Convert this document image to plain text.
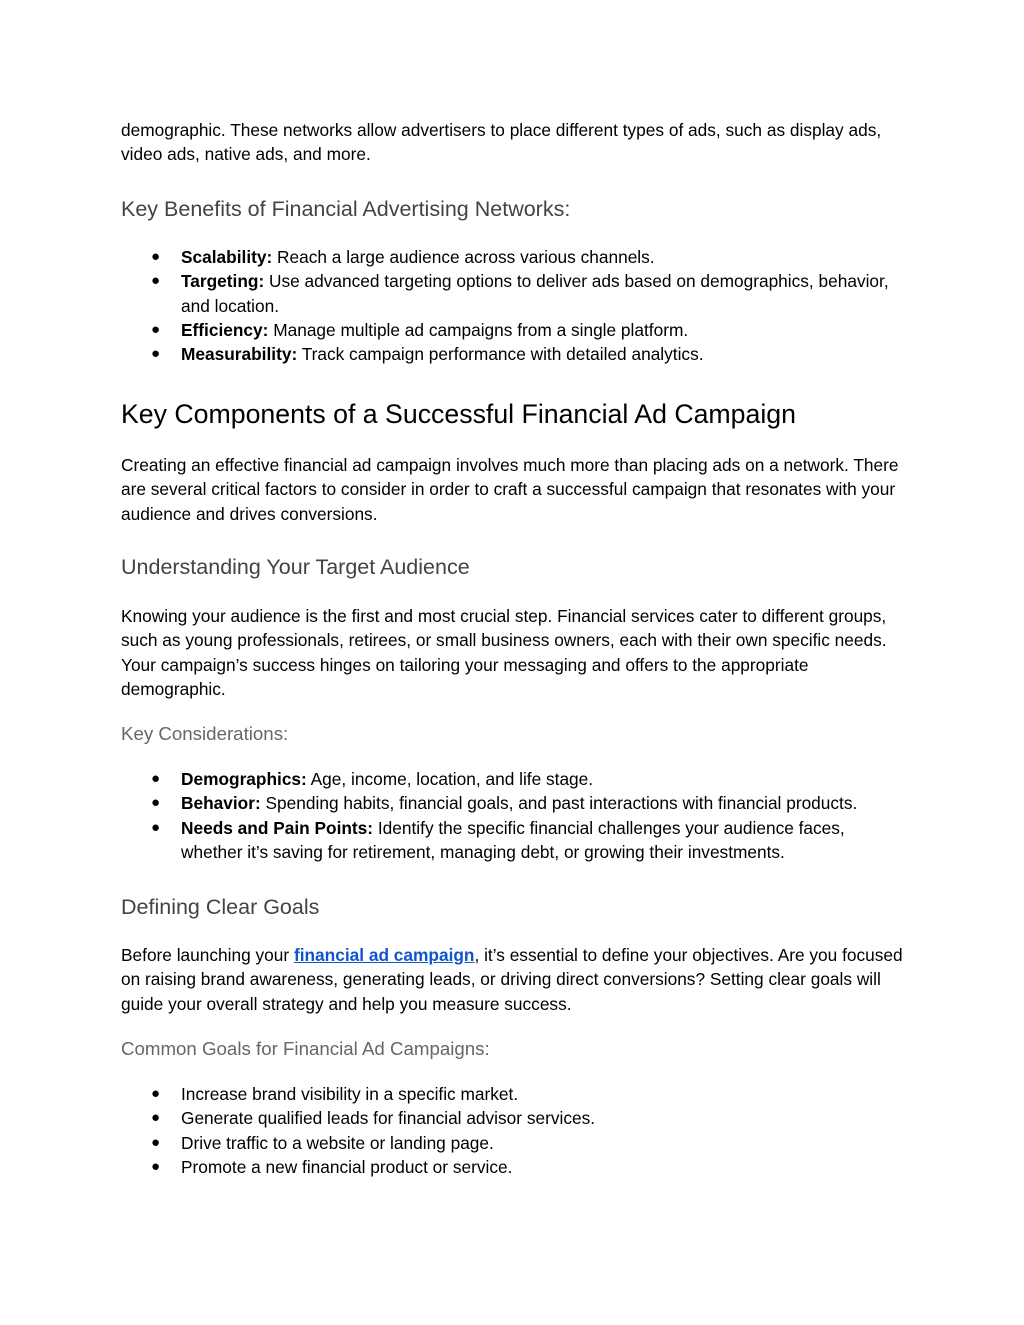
demographic. These networks allow advertisers to place different types of ads, such as display ads, video ads, native ads, and more.

Key Benefits of Financial Advertising Networks:
● Scalability: Reach a large audience across various channels.
● Targeting: Use advanced targeting options to deliver ads based on demographics, behavior, and location.
● Efficiency: Manage multiple ad campaigns from a single platform.
● Measurability: Track campaign performance with detailed analytics.
Key Components of a Successful Financial Ad Campaign

Creating an effective financial ad campaign involves much more than placing ads on a network. There are several critical factors to consider in order to craft a successful campaign that resonates with your audience and drives conversions.

Understanding Your Target Audience

Knowing your audience is the first and most crucial step. Financial services cater to different groups, such as young professionals, retirees, or small business owners, each with their own specific needs. Your campaign’s success hinges on tailoring your messaging and offers to the appropriate demographic.

Key Considerations:
● Demographics: Age, income, location, and life stage.
● Behavior: Spending habits, financial goals, and past interactions with financial products.
● Needs and Pain Points: Identify the specific financial challenges your audience faces, whether it’s saving for retirement, managing debt, or growing their investments.
Defining Clear Goals

Before launching your financial ad campaign, it’s essential to define your objectives. Are you focused on raising brand awareness, generating leads, or driving direct conversions? Setting clear goals will guide your overall strategy and help you measure success.

Common Goals for Financial Ad Campaigns:
● Increase brand visibility in a specific market.
● Generate qualified leads for financial advisor services.
● Drive traffic to a website or landing page.
● Promote a new financial product or service.
